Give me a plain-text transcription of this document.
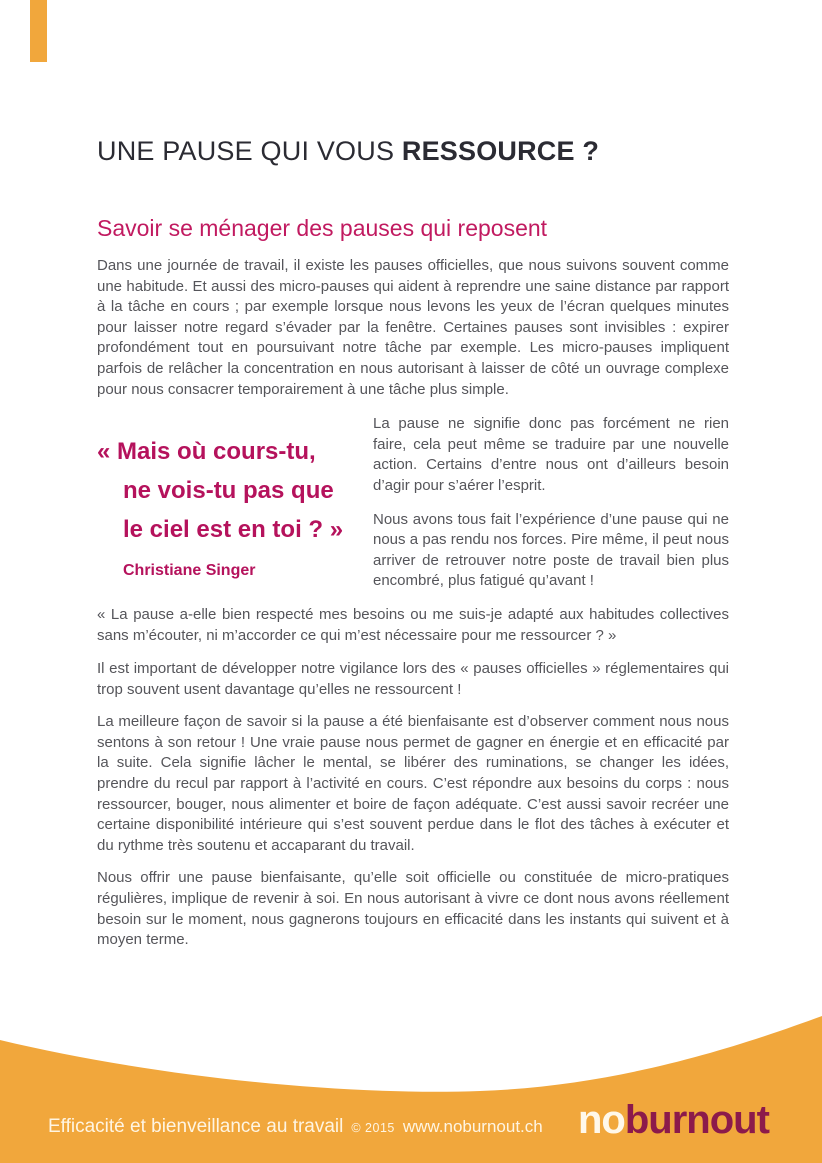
UNE PAUSE QUI VOUS RESSOURCE ?
Savoir se ménager des pauses qui reposent

Dans une journée de travail, il existe les pauses officielles, que nous suivons souvent comme une habitude. Et aussi des micro-pauses qui aident à reprendre une saine distance par rapport à la tâche en cours ; par exemple lorsque nous levons les yeux de l’écran quelques minutes pour laisser notre regard s’évader par la fenêtre. Certaines pauses sont invisibles : expirer profondément tout en poursuivant notre tâche par exemple. Les micro-pauses impliquent parfois de relâcher la concentration en nous autorisant à laisser de côté un ouvrage complexe pour nous consacrer temporairement à une tâche plus simple.

« Mais où cours-tu,
ne vois-tu pas que
le ciel est en toi ? »
Christiane Singer

La pause ne signifie donc pas forcément ne rien faire, cela peut même se traduire par une nouvelle action. Certains d’entre nous ont d’ailleurs besoin d’agir pour s’aérer l’esprit.

Nous avons tous fait l’expérience d’une pause qui ne nous a pas rendu nos forces. Pire même, il peut nous arriver de retrouver notre poste de travail bien plus encombré, plus fatigué qu’avant !

« La pause a-elle bien respecté mes besoins ou me suis-je adapté aux habitudes collectives sans m’écouter, ni m’accorder ce qui m’est nécessaire pour me ressourcer ? »

Il est important de développer notre vigilance lors des « pauses officielles » réglementaires qui trop souvent usent davantage qu’elles ne ressourcent !

La meilleure façon de savoir si la pause a été bienfaisante est d’observer comment nous nous sentons à son retour ! Une vraie pause nous permet de gagner en énergie et en efficacité par la suite. Cela signifie lâcher le mental, se libérer des ruminations, se changer les idées, prendre du recul par rapport à l’activité en cours. C’est répondre aux besoins du corps : nous ressourcer, bouger, nous alimenter et boire de façon adéquate. C’est aussi savoir recréer une certaine disponibilité intérieure qui s’est souvent perdue dans le flot des tâches à exécuter et du rythme très soutenu et accaparant du travail.

Nous offrir une pause bienfaisante, qu’elle soit officielle ou constituée de micro-pratiques régulières, implique de revenir à soi. En nous autorisant à vivre ce dont nous avons réellement besoin sur le moment, nous gagnerons toujours en efficacité dans les instants qui suivent et à moyen terme.

Efficacité et bienveillance au travail © 2015 www.noburnout.ch noburnout
